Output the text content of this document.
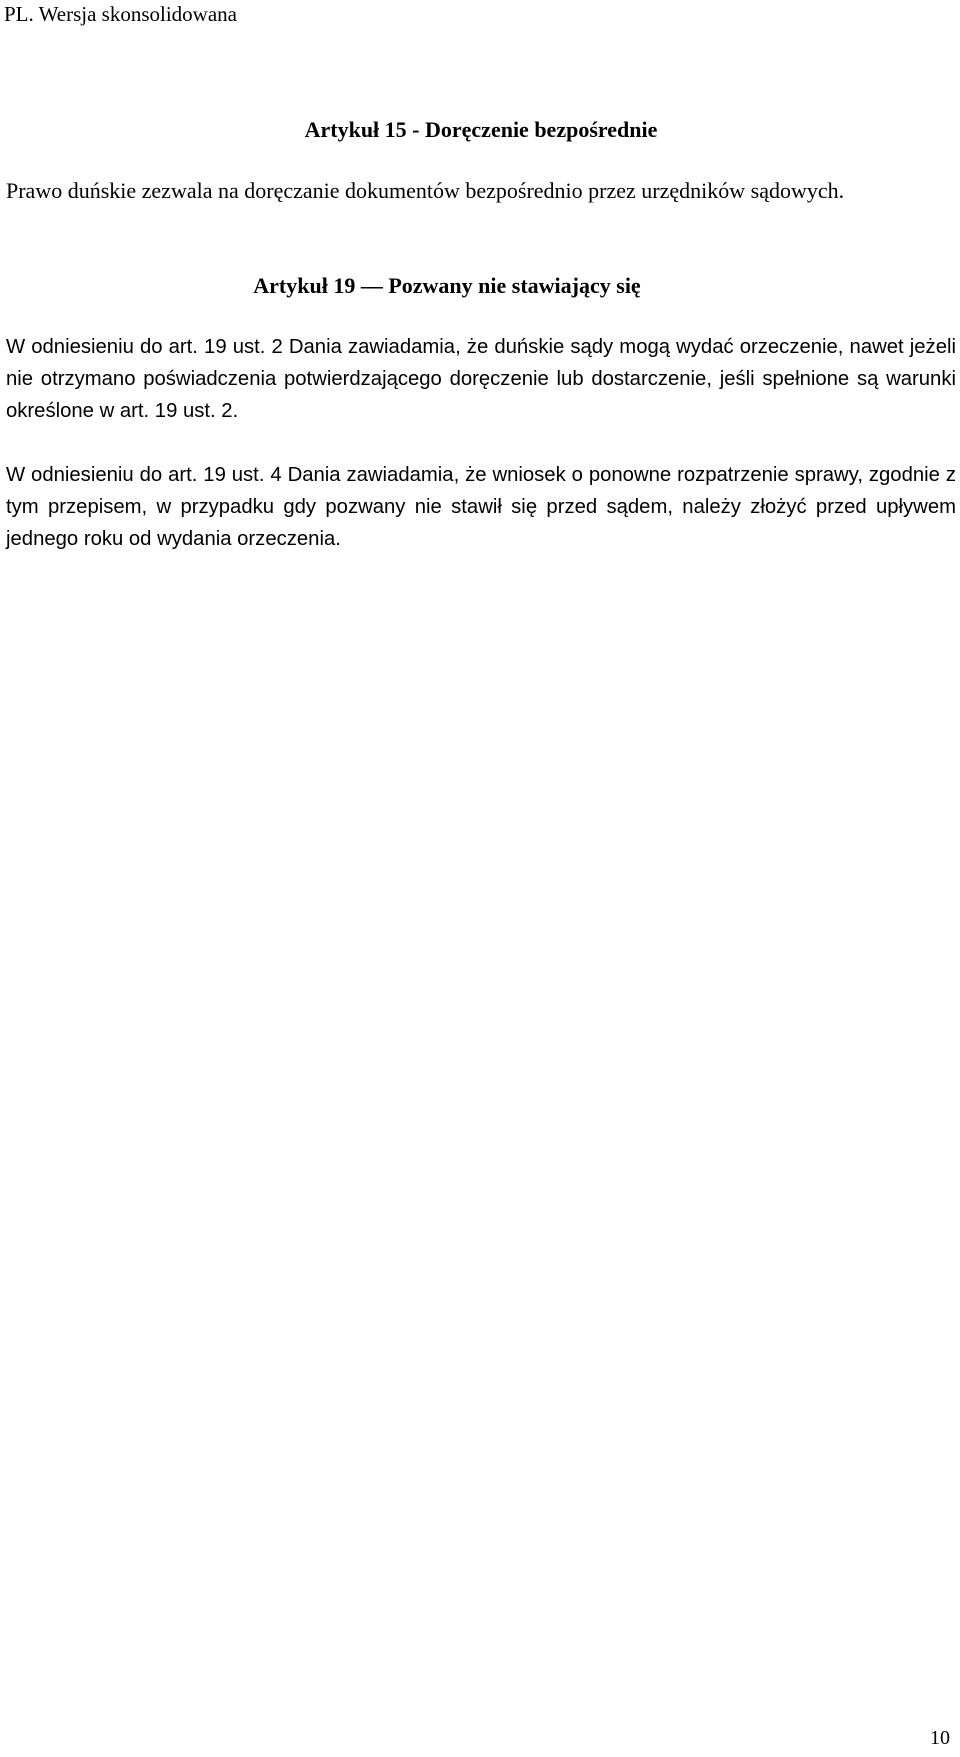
PL. Wersja skonsolidowana
Artykuł 15 - Doręczenie bezpośrednie

Prawo duńskie zezwala na doręczanie dokumentów bezpośrednio przez urzędników sądowych.

Artykuł 19 — Pozwany nie stawiający się

W odniesieniu do art. 19 ust. 2 Dania zawiadamia, że duńskie sądy mogą wydać orzeczenie, nawet jeżeli nie otrzymano poświadczenia potwierdzającego doręczenie lub dostarczenie, jeśli spełnione są warunki określone w art. 19 ust. 2.

W odniesieniu do art. 19 ust. 4 Dania zawiadamia, że wniosek o ponowne rozpatrzenie sprawy, zgodnie z tym przepisem, w przypadku gdy pozwany nie stawił się przed sądem, należy złożyć przed upływem jednego roku od wydania orzeczenia.

10
